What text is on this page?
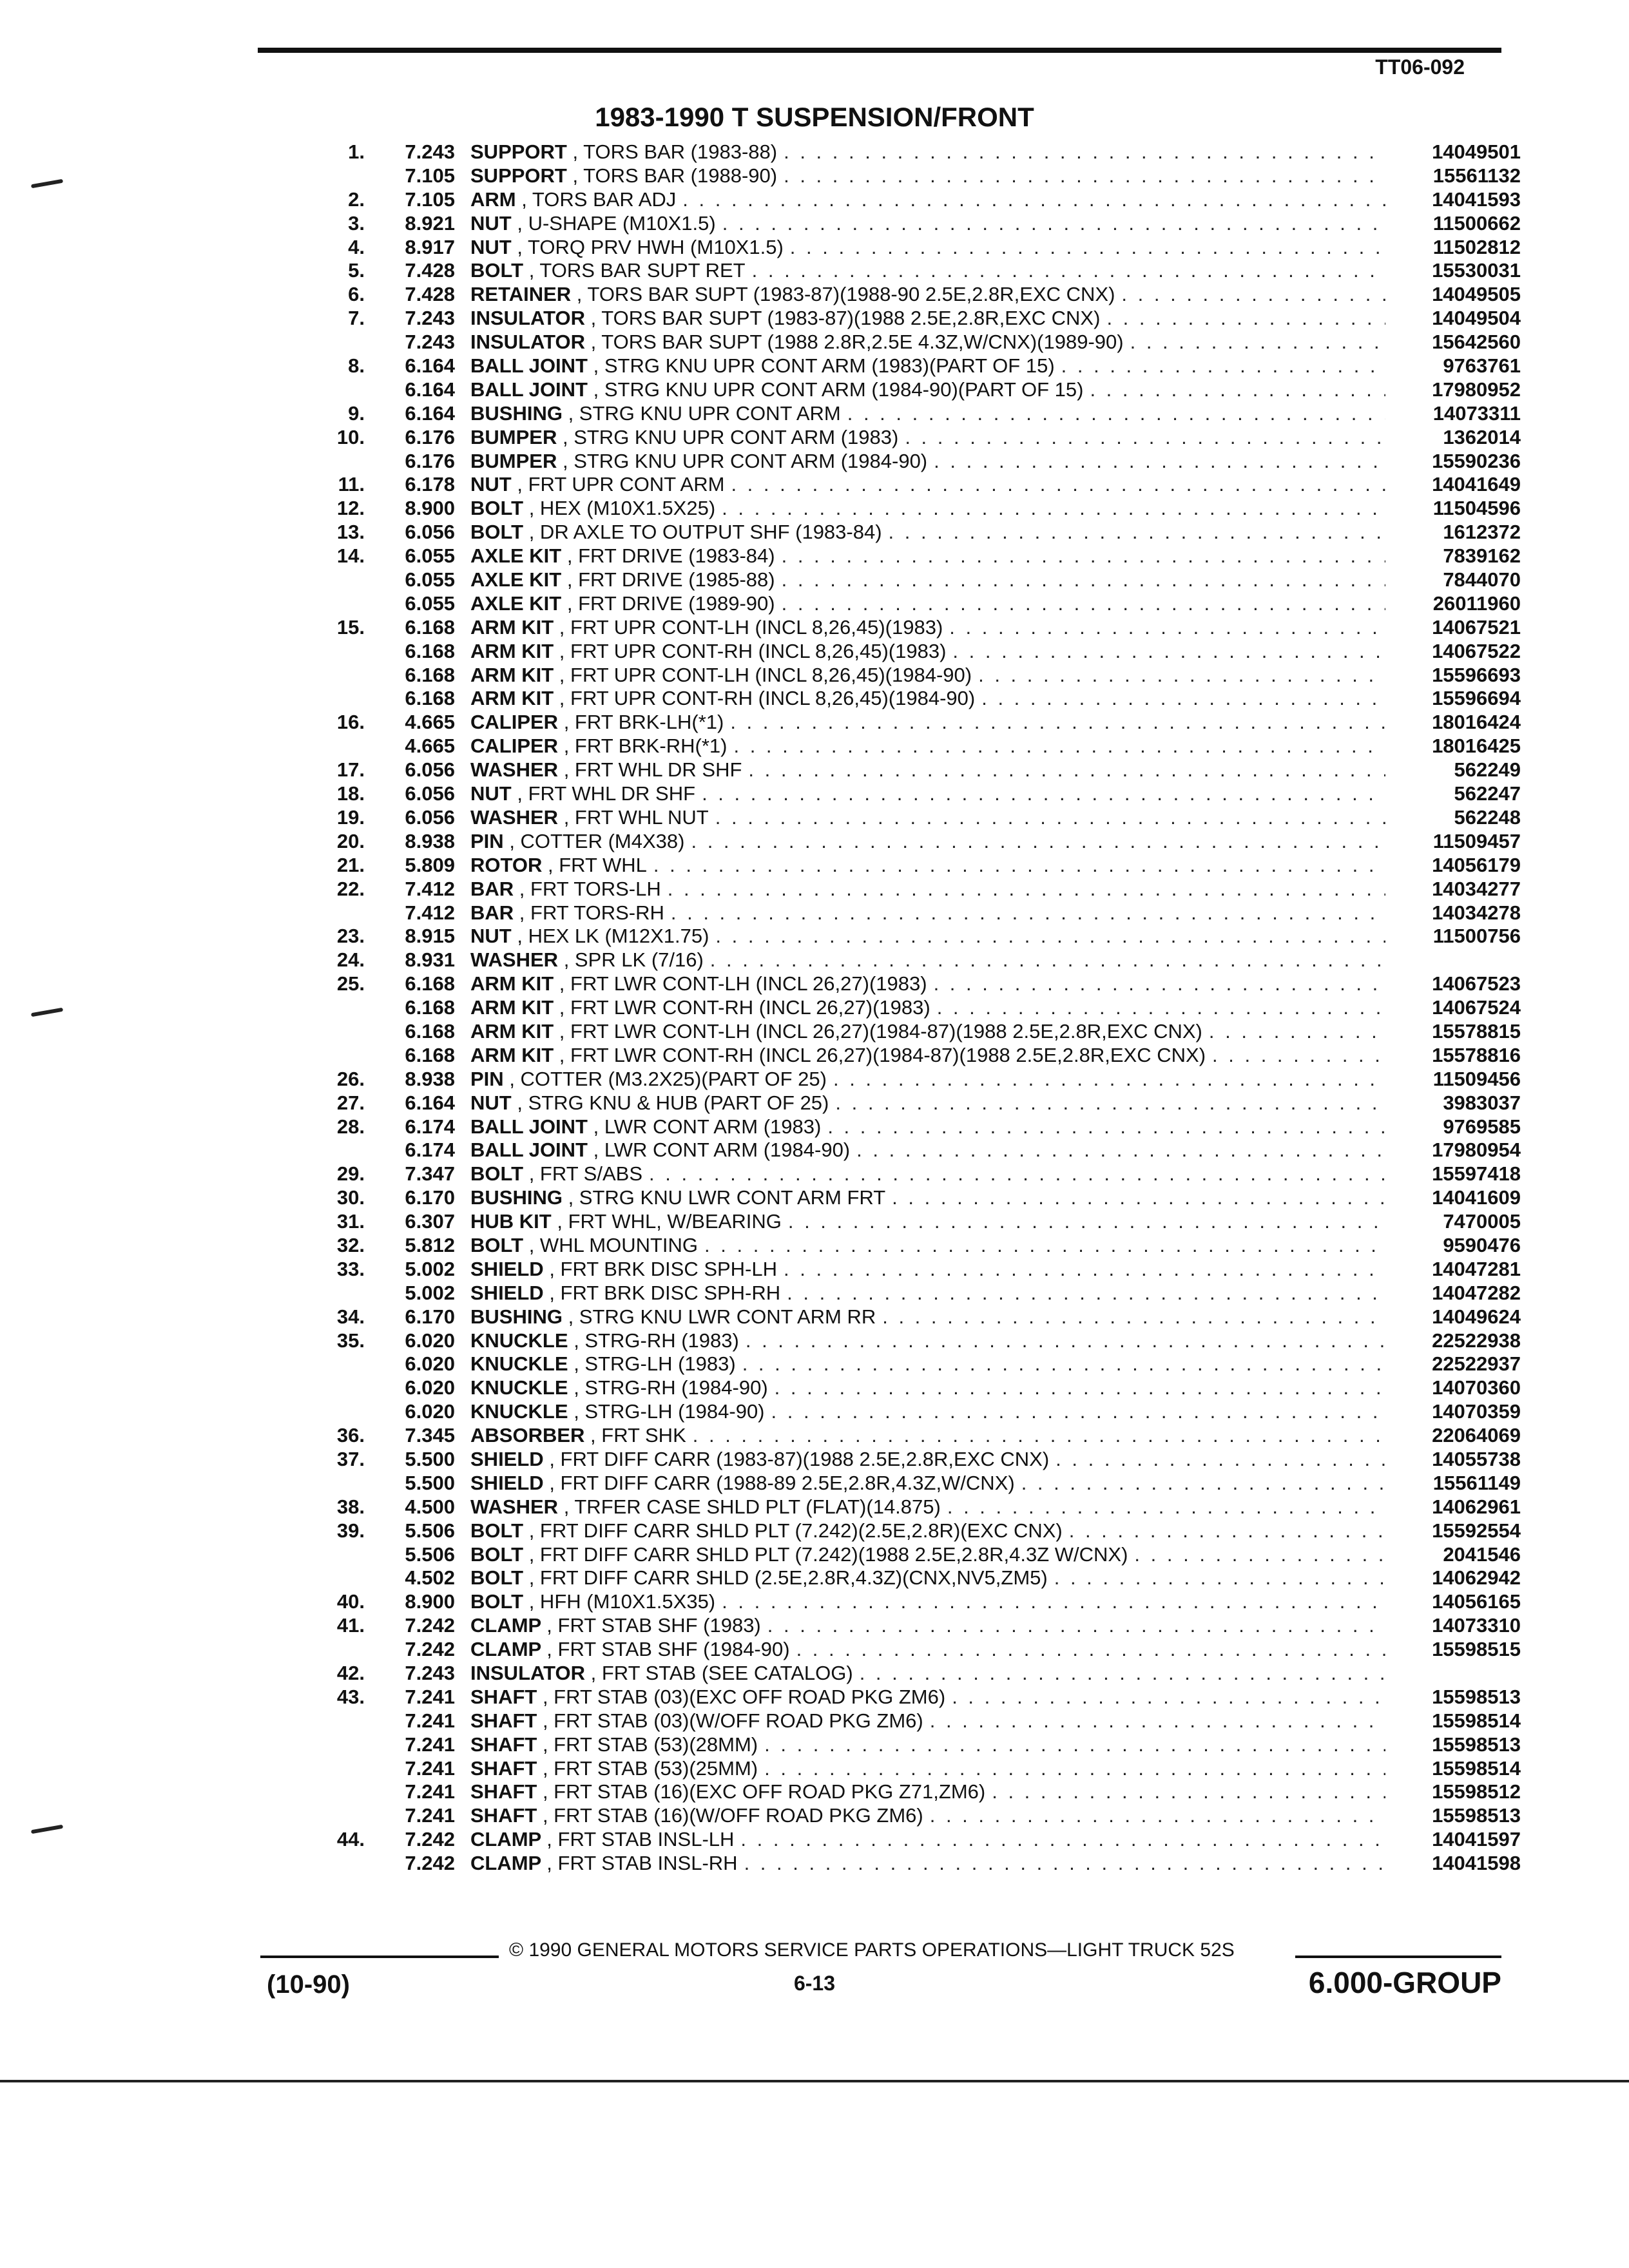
TT06-092
1983-1990 T SUSPENSION/FRONT
1.	7.243 SUPPORT , TORS BAR (1983-88) . . .	14049501
7.105 SUPPORT , TORS BAR (1988-90) . . .	15561132
2.	7.105 ARM , TORS BAR ADJ . . .	14041593
3.	8.921 NUT , U-SHAPE (M10X1.5) . . .	11500662
4.	8.917 NUT , TORQ PRV HWH (M10X1.5) . . .	11502812
5.	7.428 BOLT , TORS BAR SUPT RET . . .	15530031
6.	7.428 RETAINER , TORS BAR SUPT (1983-87)(1988-90 2.5E,2.8R,EXC CNX) . . .	14049505
7.	7.243 INSULATOR , TORS BAR SUPT (1983-87)(1988 2.5E,2.8R,EXC CNX) . . .	14049504
7.243 INSULATOR , TORS BAR SUPT (1988 2.8R,2.5E 4.3Z,W/CNX)(1989-90) . . .	15642560
8.	6.164 BALL JOINT , STRG KNU UPR CONT ARM (1983)(PART OF 15) . . .	9763761
6.164 BALL JOINT , STRG KNU UPR CONT ARM (1984-90)(PART OF 15) . . .	17980952
9.	6.164 BUSHING , STRG KNU UPR CONT ARM . . .	14073311
10.	6.176 BUMPER , STRG KNU UPR CONT ARM (1983) . . .	1362014
6.176 BUMPER , STRG KNU UPR CONT ARM (1984-90) . . .	15590236
11.	6.178 NUT , FRT UPR CONT ARM . . .	14041649
12.	8.900 BOLT , HEX (M10X1.5X25) . . .	11504596
13.	6.056 BOLT , DR AXLE TO OUTPUT SHF (1983-84) . . .	1612372
14.	6.055 AXLE KIT , FRT DRIVE (1983-84) . . .	7839162
6.055 AXLE KIT , FRT DRIVE (1985-88) . . .	7844070
6.055 AXLE KIT , FRT DRIVE (1989-90) . . .	26011960
15.	6.168 ARM KIT , FRT UPR CONT-LH (INCL 8,26,45)(1983) . . .	14067521
6.168 ARM KIT , FRT UPR CONT-RH (INCL 8,26,45)(1983) . . .	14067522
6.168 ARM KIT , FRT UPR CONT-LH (INCL 8,26,45)(1984-90) . . .	15596693
6.168 ARM KIT , FRT UPR CONT-RH (INCL 8,26,45)(1984-90) . . .	15596694
16.	4.665 CALIPER , FRT BRK-LH(*1) . . .	18016424
4.665 CALIPER , FRT BRK-RH(*1) . . .	18016425
17.	6.056 WASHER , FRT WHL DR SHF . . .	562249
18.	6.056 NUT , FRT WHL DR SHF . . .	562247
19.	6.056 WASHER , FRT WHL NUT . . .	562248
20.	8.938 PIN , COTTER (M4X38) . . .	11509457
21.	5.809 ROTOR , FRT WHL . . .	14056179
22.	7.412 BAR , FRT TORS-LH . . .	14034277
7.412 BAR , FRT TORS-RH . . .	14034278
23.	8.915 NUT , HEX LK (M12X1.75) . . .	11500756
24.	8.931 WASHER , SPR LK (7/16)
. . .
25.	6.168 ARM KIT , FRT LWR CONT-LH (INCL 26,27)(1983) . . .	14067523
6.168 ARM KIT , FRT LWR CONT-RH (INCL 26,27)(1983) . . .	14067524
6.168 ARM KIT , FRT LWR CONT-LH (INCL 26,27)(1984-87)(1988 2.5E,2.8R,EXC CNX) . . .	15578815
6.168 ARM KIT , FRT LWR CONT-RH (INCL 26,27)(1984-87)(1988 2.5E,2.8R,EXC CNX) . . .	15578816
26.	8.938 PIN , COTTER (M3.2X25)(PART OF 25) . . .	11509456
27.	6.164 NUT , STRG KNU & HUB (PART OF 25) . . .	3983037
28.	6.174 BALL JOINT , LWR CONT ARM (1983) . . .	9769585
6.174 BALL JOINT , LWR CONT ARM (1984-90) . . .	17980954
29.	7.347 BOLT , FRT S/ABS . . .	15597418
30.	6.170 BUSHING , STRG KNU LWR CONT ARM FRT . . .	14041609
31.	6.307 HUB KIT , FRT WHL, W/BEARING . . .	7470005
32.	5.812 BOLT , WHL MOUNTING . . .	9590476
33.	5.002 SHIELD , FRT BRK DISC SPH-LH . . .	14047281
5.002 SHIELD , FRT BRK DISC SPH-RH . . .	14047282
34.	6.170 BUSHING , STRG KNU LWR CONT ARM RR . . .	14049624
35.	6.020 KNUCKLE , STRG-RH (1983) . . .	22522938
6.020 KNUCKLE , STRG-LH (1983) . . .	22522937
6.020 KNUCKLE , STRG-RH (1984-90) . . .	14070360
6.020 KNUCKLE , STRG-LH (1984-90) . . .	14070359
36.	7.345 ABSORBER , FRT SHK . . .	22064069
37.	5.500 SHIELD , FRT DIFF CARR (1983-87)(1988 2.5E,2.8R,EXC CNX) . . .	14055738
5.500 SHIELD , FRT DIFF CARR (1988-89 2.5E,2.8R,4.3Z,W/CNX) . . .	15561149
38.	4.500 WASHER , TRFER CASE SHLD PLT (FLAT)(14.875) . . .	14062961
39.	5.506 BOLT , FRT DIFF CARR SHLD PLT (7.242)(2.5E,2.8R)(EXC CNX) . . .	15592554
5.506 BOLT , FRT DIFF CARR SHLD PLT (7.242)(1988 2.5E,2.8R,4.3Z W/CNX) . . .	2041546
4.502 BOLT , FRT DIFF CARR SHLD (2.5E,2.8R,4.3Z)(CNX,NV5,ZM5) . . .	14062942
40.	8.900 BOLT , HFH (M10X1.5X35) . . .	14056165
41.	7.242 CLAMP , FRT STAB SHF (1983) . . .	14073310
7.242 CLAMP , FRT STAB SHF (1984-90) . . .	15598515
42.	7.243 INSULATOR , FRT STAB (SEE CATALOG)
. . .
43.	7.241 SHAFT , FRT STAB (03)(EXC OFF ROAD PKG ZM6) . . .	15598513
7.241 SHAFT , FRT STAB (03)(W/OFF ROAD PKG ZM6) . . .	15598514
7.241 SHAFT , FRT STAB (53)(28MM) . . .	15598513
7.241 SHAFT , FRT STAB (53)(25MM) . . .	15598514
7.241 SHAFT , FRT STAB (16)(EXC OFF ROAD PKG Z71,ZM6) . . .	15598512
7.241 SHAFT , FRT STAB (16)(W/OFF ROAD PKG ZM6) . . .	15598513
44.	7.242 CLAMP , FRT STAB INSL-LH . . .	14041597
7.242 CLAMP , FRT STAB INSL-RH . . .	14041598
© 1990 GENERAL MOTORS SERVICE PARTS OPERATIONS—LIGHT TRUCK 52S
(10-90)	6-13	6.000-GROUP
